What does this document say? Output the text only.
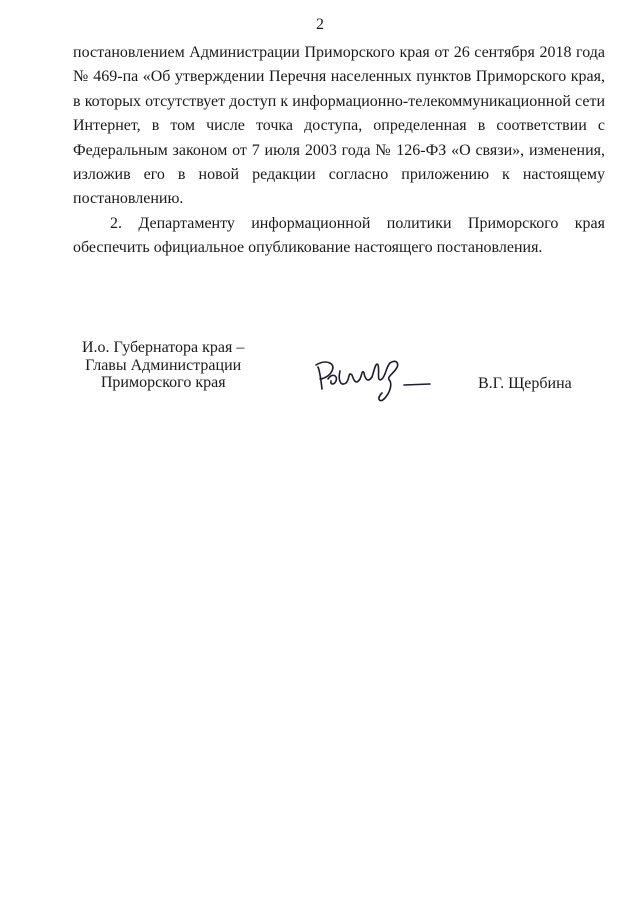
2

постановлением Администрации Приморского края от 26 сентября 2018 года № 469-па «Об утверждении Перечня населенных пунктов Приморского края, в которых отсутствует доступ к информационно-телекоммуникационной сети Интернет, в том числе точка доступа, определенная в соответствии с Федеральным законом от 7 июля 2003 года № 126-ФЗ «О связи», изменения, изложив его в новой редакции согласно приложению к настоящему постановлению.

2. Департаменту информационной политики Приморского края обеспечить официальное опубликование настоящего постановления.

И.о. Губернатора края –
Главы Администрации
Приморского края	В.Г. Щербина
